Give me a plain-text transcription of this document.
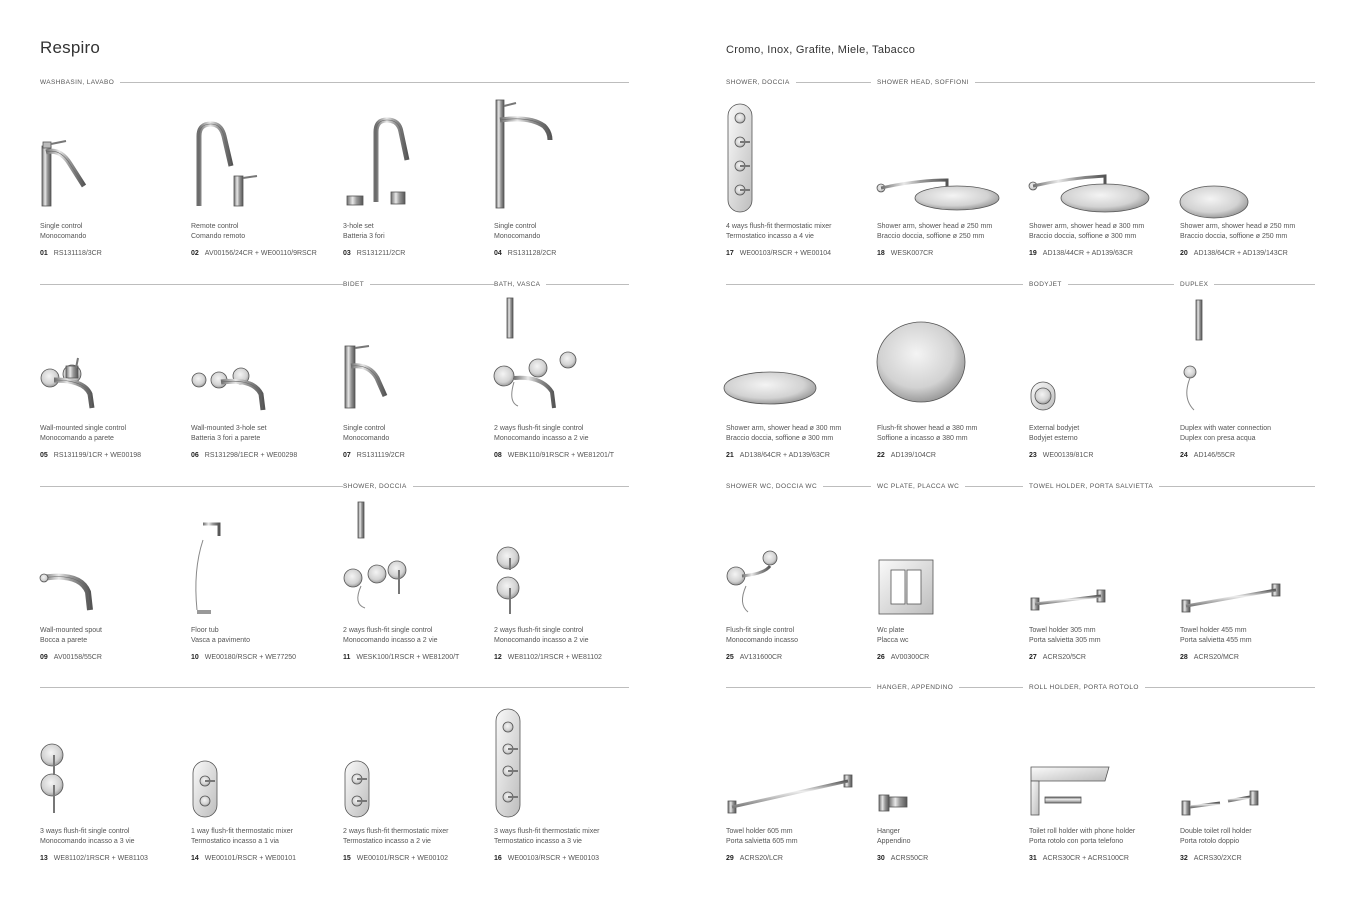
Respiro	Cromo, Inox, Grafite, Miele, Tabacco
WASHBASIN, LAVABO
BIDET	BATH, VASCA
SHOWER, DOCCIA
SHOWER, DOCCIA	SHOWER HEAD, SOFFIONI
BODYJET	DUPLEX
SHOWER WC, DOCCIA WC	WC PLATE, PLACCA WC	TOWEL HOLDER, PORTA SALVIETTA
HANGER, APPENDINO	ROLL HOLDER, PORTA ROTOLO
Single control
Monocomando
01 RS131118/3CR
Remote control
Comando remoto
02 AV00156/24CR + WE00110/9RSCR
3-hole set
Batteria 3 fori
03 RS131211/2CR
Single control
Monocomando
04 RS131128/2CR
Wall-mounted single control
Monocomando a parete
05 RS131199/1CR + WE00198
Wall-mounted 3-hole set
Batteria 3 fori a parete
06 RS131298/1ECR + WE00298
Single control
Monocomando
07 RS131119/2CR
2 ways flush-fit single control
Monocomando incasso a 2 vie
08 WEBK110/91RSCR + WE81201/T
Wall-mounted spout
Bocca a parete
09 AV00158/55CR
Floor tub
Vasca a pavimento
10 WE00180/RSCR + WE77250
2 ways flush-fit single control
Monocomando incasso a 2 vie
11 WESK100/1RSCR + WE81200/T
2 ways flush-fit single control
Monocomando incasso a 2 vie
12 WE81102/1RSCR + WE81102
3 ways flush-fit single control
Monocomando incasso a 3 vie
13 WE81102/1RSCR + WE81103
1 way flush-fit thermostatic mixer
Termostatico incasso a 1 via
14 WE00101/RSCR + WE00101
2 ways flush-fit thermostatic mixer
Termostatico incasso a 2 vie
15 WE00101/RSCR + WE00102
3 ways flush-fit thermostatic mixer
Termostatico incasso a 3 vie
16 WE00103/RSCR + WE00103
4 ways flush-fit thermostatic mixer
Termostatico incasso a 4 vie
17 WE00103/RSCR + WE00104
Shower arm, shower head ø 250 mm
Braccio doccia, soffione ø 250 mm
18 WESK007CR
Shower arm, shower head ø 300 mm
Braccio doccia, soffione ø 300 mm
19 AD138/44CR + AD139/63CR
Shower arm, shower head ø 250 mm
Braccio doccia, soffione ø 250 mm
20 AD138/64CR + AD139/143CR
Shower arm, shower head ø 300 mm
Braccio doccia, soffione ø 300 mm
21 AD138/64CR + AD139/63CR
Flush-fit shower head ø 380 mm
Soffione a incasso ø 380 mm
22 AD139/104CR
External bodyjet
Bodyjet esterno
23 WE00139/81CR
Duplex with water connection
Duplex con presa acqua
24 AD146/55CR
Flush-fit single control
Monocomando incasso
25 AV131600CR
Wc plate
Placca wc
26 AV00300CR
Towel holder 305 mm
Porta salvietta 305 mm
27 ACRS20/5CR
Towel holder 455 mm
Porta salvietta 455 mm
28 ACRS20/MCR
Towel holder 605 mm
Porta salvietta 605 mm
29 ACRS20/LCR
Hanger
Appendino
30 ACRS50CR
Toilet roll holder with phone holder
Porta rotolo con porta telefono
31 ACRS30CR + ACRS100CR
Double toilet roll holder
Porta rotolo doppio
32 ACRS30/2XCR
